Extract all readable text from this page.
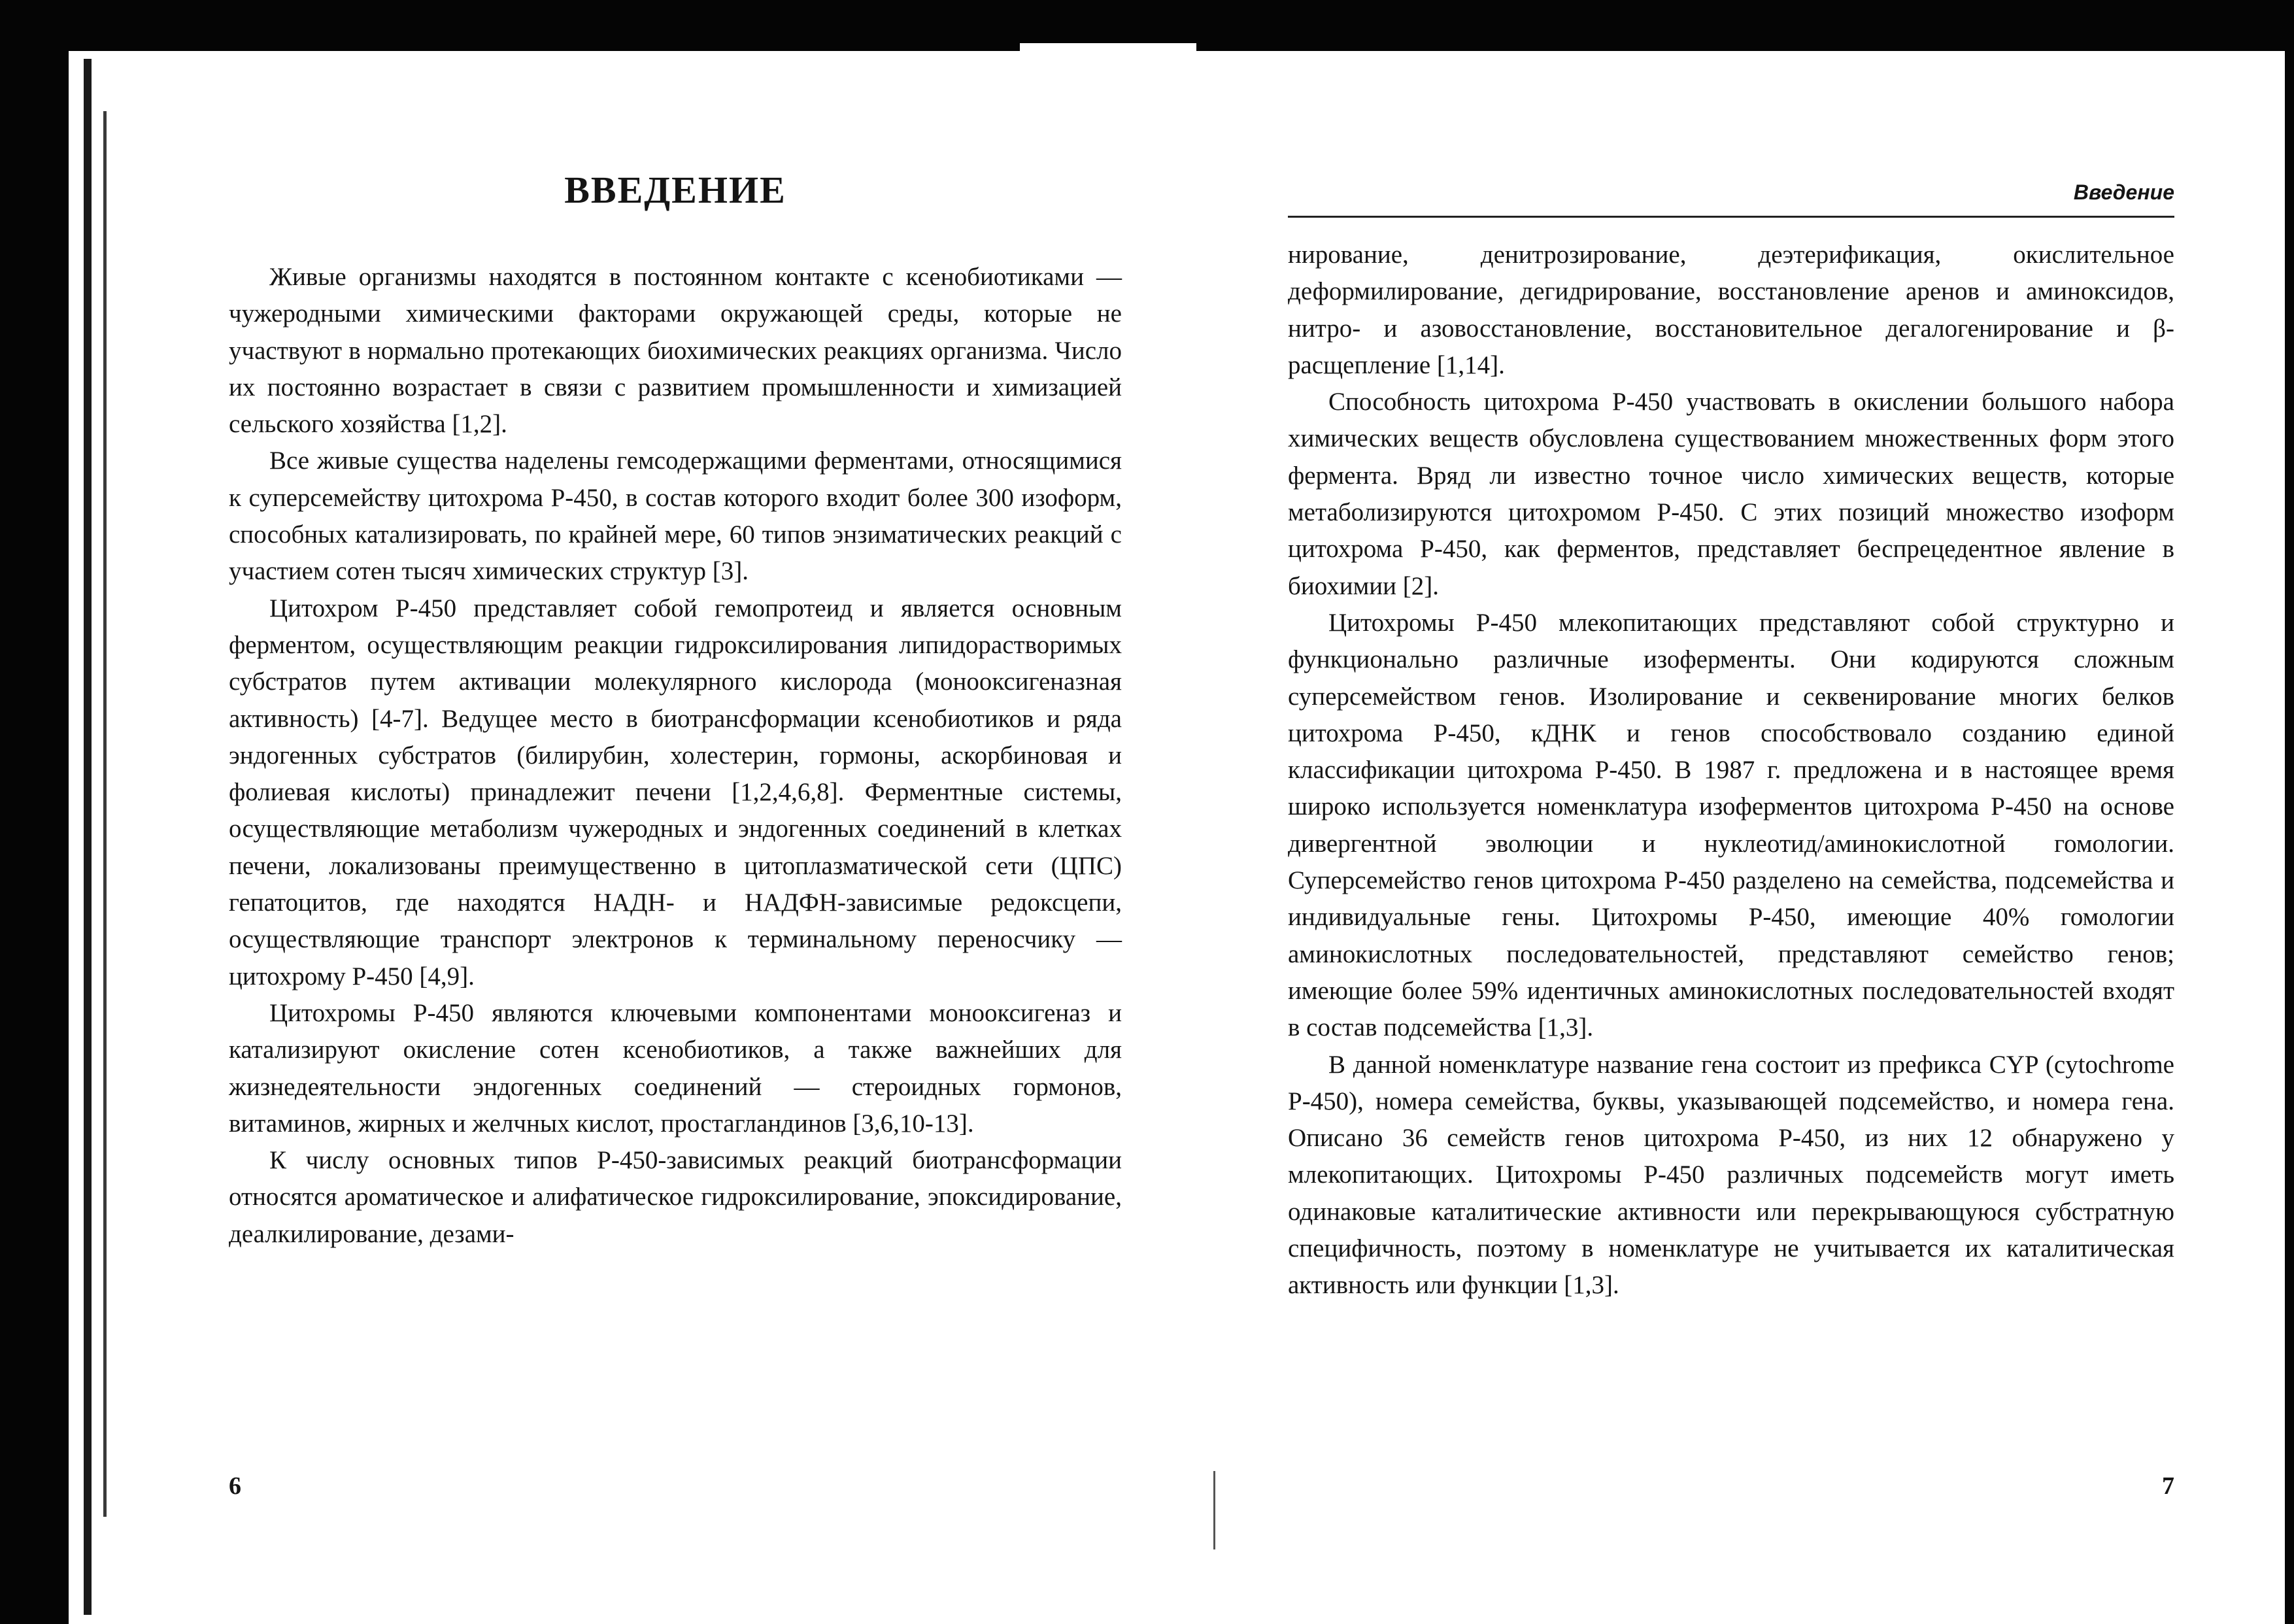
ВВЕДЕНИЕ

Живые организмы находятся в постоянном контакте с ксенобиотиками — чужеродными химическими факторами окружающей среды, которые не участвуют в нормально протекающих биохимических реакциях организма. Число их постоянно возрастает в связи с развитием промышленности и химизацией сельского хозяйства [1,2].

Все живые существа наделены гемсодержащими ферментами, относящимися к суперсемейству цитохрома Р-450, в состав которого входит более 300 изоформ, способных катализировать, по крайней мере, 60 типов энзиматических реакций с участием сотен тысяч химических структур [3].

Цитохром Р-450 представляет собой гемопротеид и является основным ферментом, осуществляющим реакции гидроксилирования липидорастворимых субстратов путем активации молекулярного кислорода (монооксигеназная активность) [4-7]. Ведущее место в биотрансформации ксенобиотиков и ряда эндогенных субстратов (билирубин, холестерин, гормоны, аскорбиновая и фолиевая кислоты) принадлежит печени [1,2,4,6,8]. Ферментные системы, осуществляющие метаболизм чужеродных и эндогенных соединений в клетках печени, локализованы преимущественно в цитоплазматической сети (ЦПС) гепатоцитов, где находятся НАДН- и НАДФН-зависимые редоксцепи, осуществляющие транспорт электронов к терминальному переносчику — цитохрому Р-450 [4,9].

Цитохромы Р-450 являются ключевыми компонентами монооксигеназ и катализируют окисление сотен ксенобиотиков, а также важнейших для жизнедеятельности эндогенных соединений — стероидных гормонов, витаминов, жирных и желчных кислот, простагландинов [3,6,10-13].

К числу основных типов Р-450-зависимых реакций биотрансформации относятся ароматическое и алифатическое гидроксилирование, эпоксидирование, деалкилирование, дезами-

6
Введение

нирование, денитрозирование, деэтерификация, окислительное деформилирование, дегидрирование, восстановление аренов и аминоксидов, нитро- и азовосстановление, восстановительное дегалогенирование и β-расщепление [1,14].

Способность цитохрома Р-450 участвовать в окислении большого набора химических веществ обусловлена существованием множественных форм этого фермента. Вряд ли известно точное число химических веществ, которые метаболизируются цитохромом Р-450. С этих позиций множество изоформ цитохрома Р-450, как ферментов, представляет беспрецедентное явление в биохимии [2].

Цитохромы Р-450 млекопитающих представляют собой структурно и функционально различные изоферменты. Они кодируются сложным суперсемейством генов. Изолирование и секвенирование многих белков цитохрома Р-450, кДНК и генов способствовало созданию единой классификации цитохрома Р-450. В 1987 г. предложена и в настоящее время широко используется номенклатура изоферментов цитохрома Р-450 на основе дивергентной эволюции и нуклеотид/аминокислотной гомологии. Суперсемейство генов цитохрома Р-450 разделено на семейства, подсемейства и индивидуальные гены. Цитохромы Р-450, имеющие 40% гомологии аминокислотных последовательностей, представляют семейство генов; имеющие более 59% идентичных аминокислотных последовательностей входят в состав подсемейства [1,3].

В данной номенклатуре название гена состоит из префикса CYP (cytochrome P-450), номера семейства, буквы, указывающей подсемейство, и номера гена. Описано 36 семейств генов цитохрома Р-450, из них 12 обнаружено у млекопитающих. Цитохромы Р-450 различных подсемейств могут иметь одинаковые каталитические активности или перекрывающуюся субстратную специфичность, поэтому в номенклатуре не учитывается их каталитическая активность или функции [1,3].

7
